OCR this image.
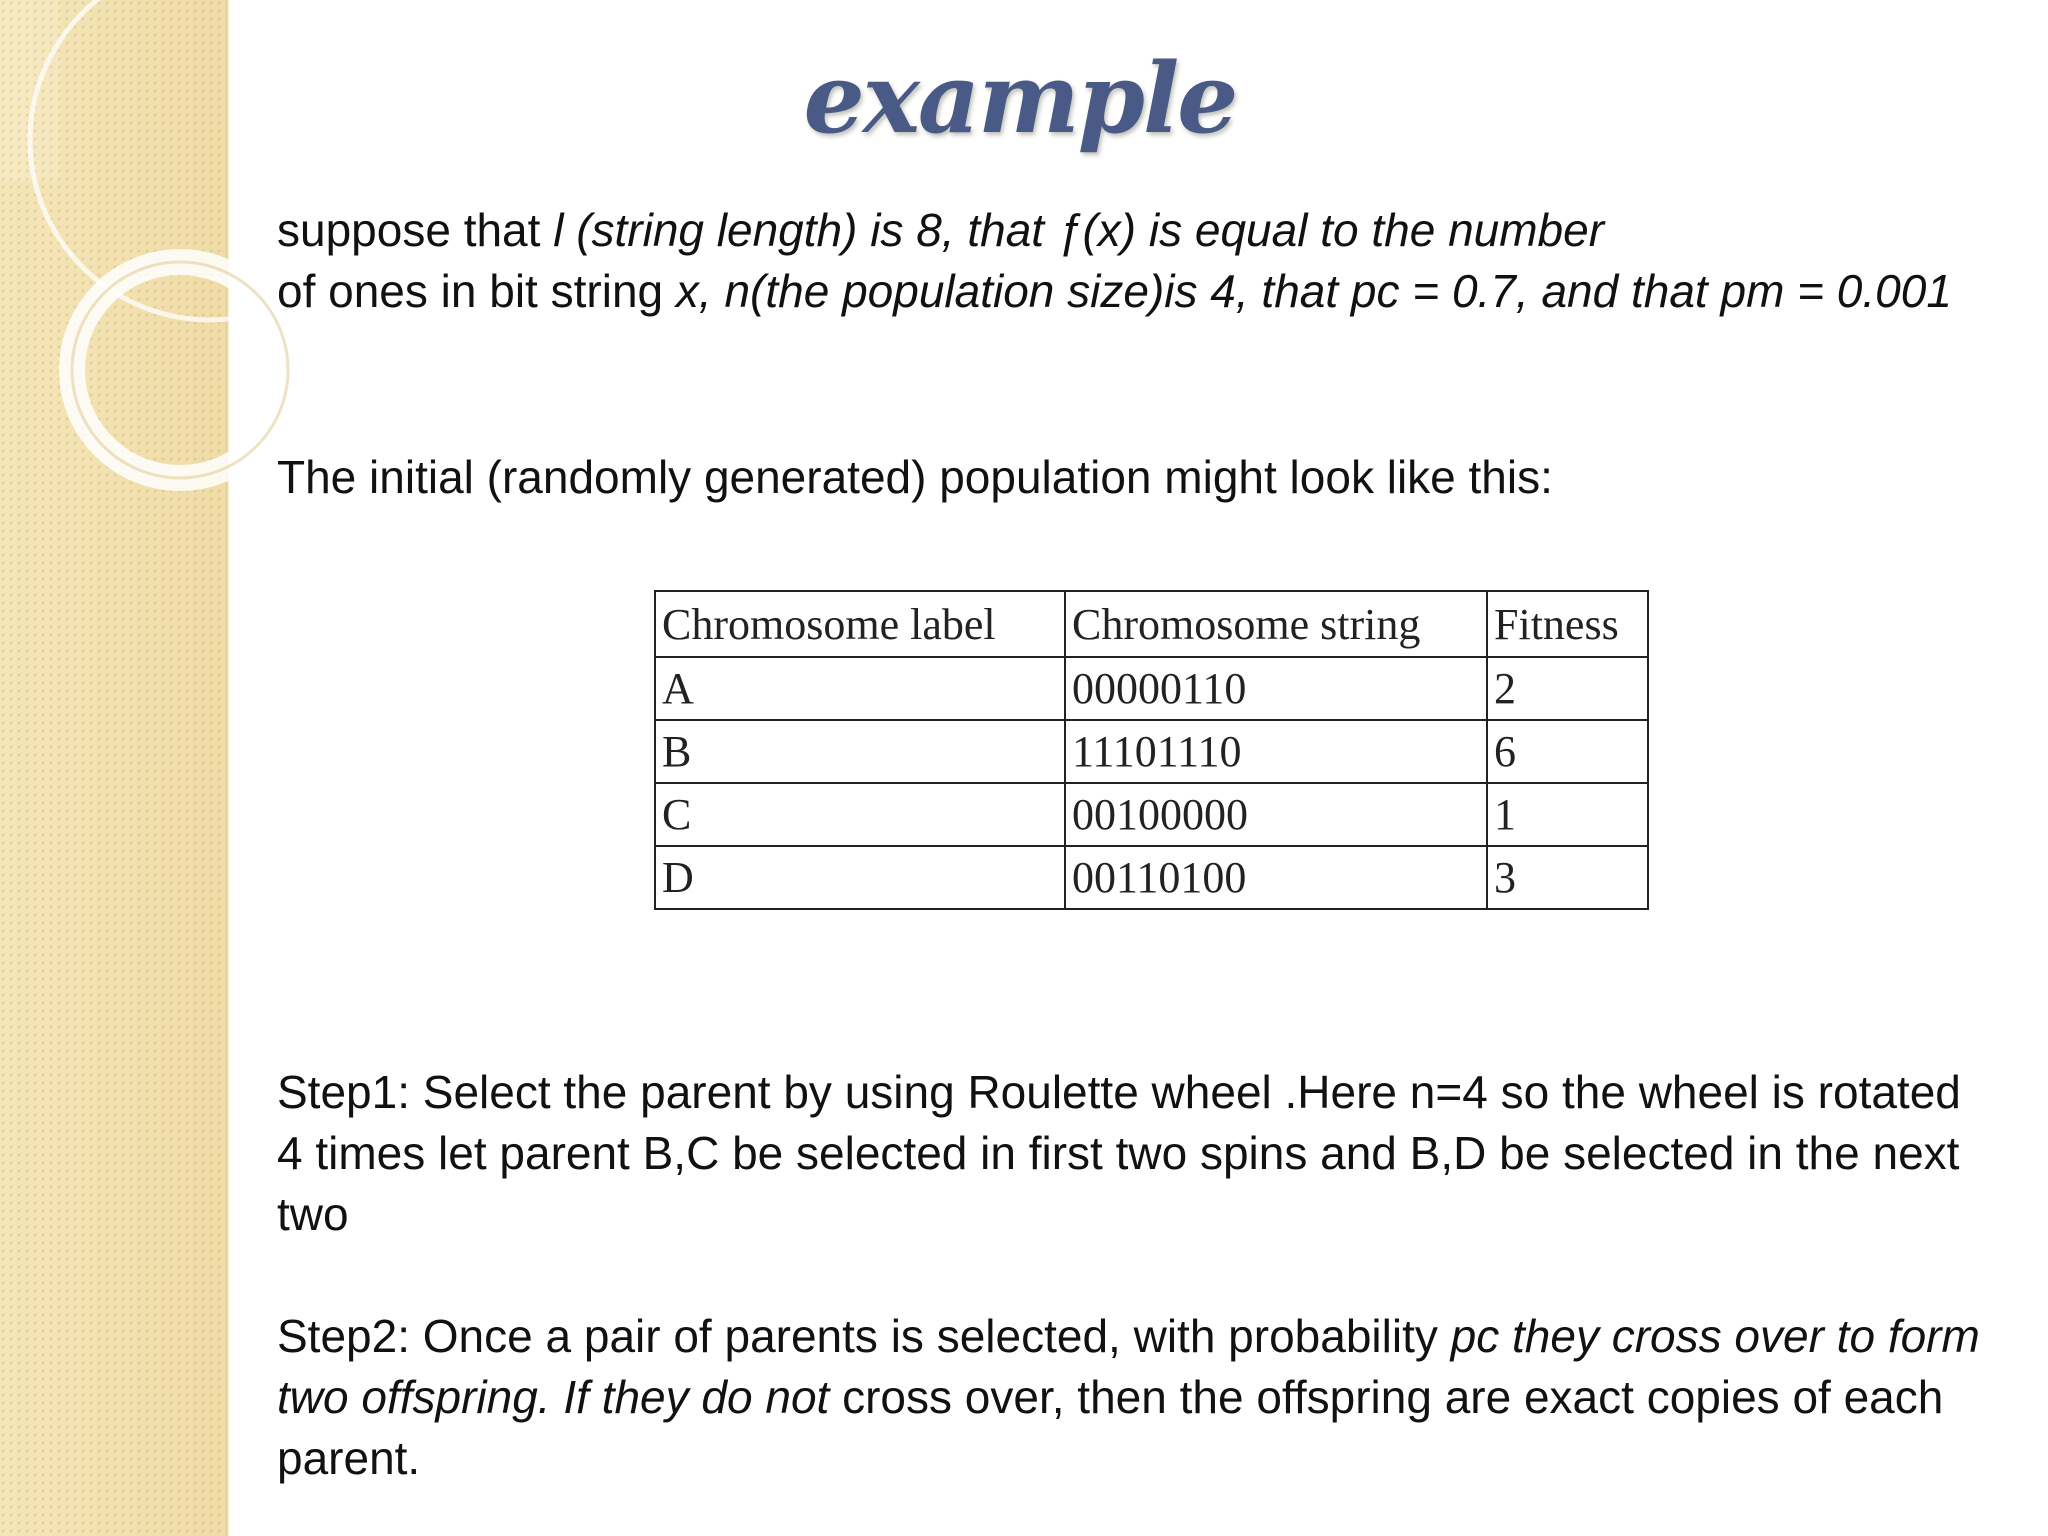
example
suppose that l (string length) is 8, that ƒ(x) is equal to the number
of ones in bit string x, n(the population size)is 4, that pc = 0.7, and that pm = 0.001
The initial (randomly generated) population might look like this:
Chromosome label	Chromosome string	Fitness
A	00000110	2
B	11101110	6
C	00100000	1
D	00110100	3
Step1: Select the parent by using Roulette wheel .Here n=4 so the wheel is rotated 4 times let parent B,C be selected in first two spins and B,D be selected in the next two
Step2: Once a pair of parents is selected, with probability pc they cross over to form two offspring. If they do not cross over, then the offspring are exact copies of each parent.
